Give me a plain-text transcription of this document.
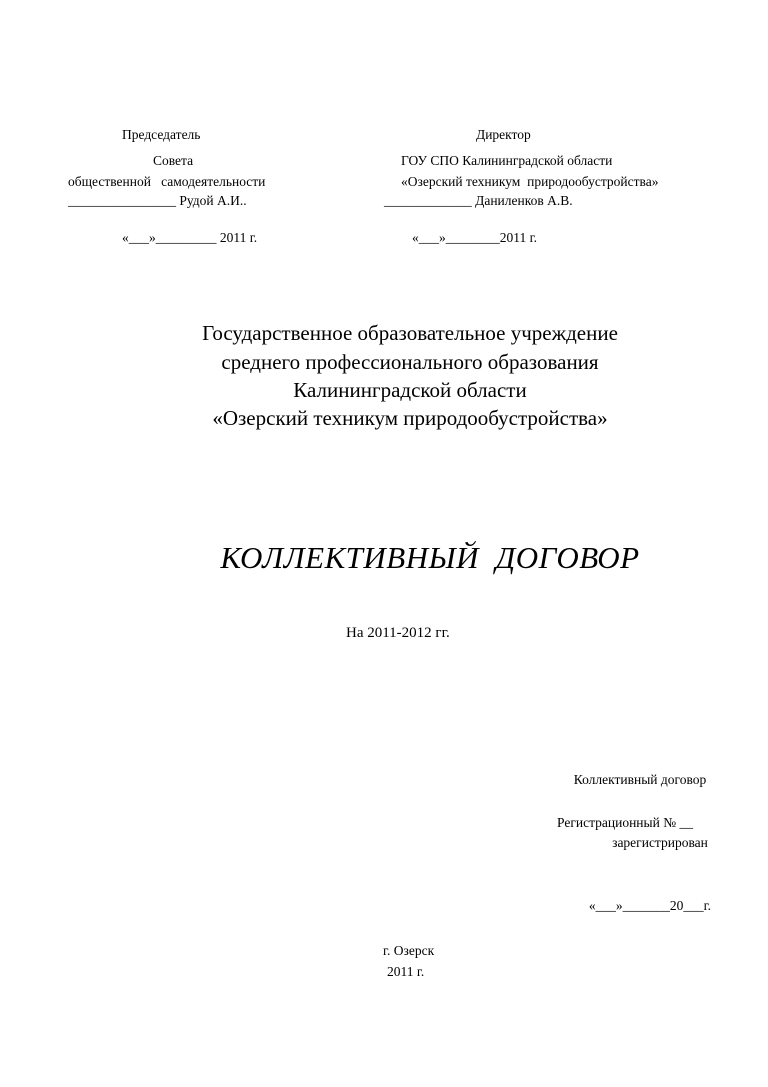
Председатель
Совета
общественной   самодеятельности
________________ Рудой А.И..
«___»_________ 2011 г.
Директор
ГОУ СПО Калининградской области
«Озерский техникум  природообустройства»
_____________ Даниленков А.В.
«___»________2011 г.
Государственное образовательное учреждение
среднего профессионального образования
Калининградской области
«Озерский техникум природообустройства»
КОЛЛЕКТИВНЫЙ  ДОГОВОР
На 2011-2012 гг.

Коллективный договор

зарегистрирован

«___»_______20___г.

Регистрационный № __
г. Озерск
2011 г.
